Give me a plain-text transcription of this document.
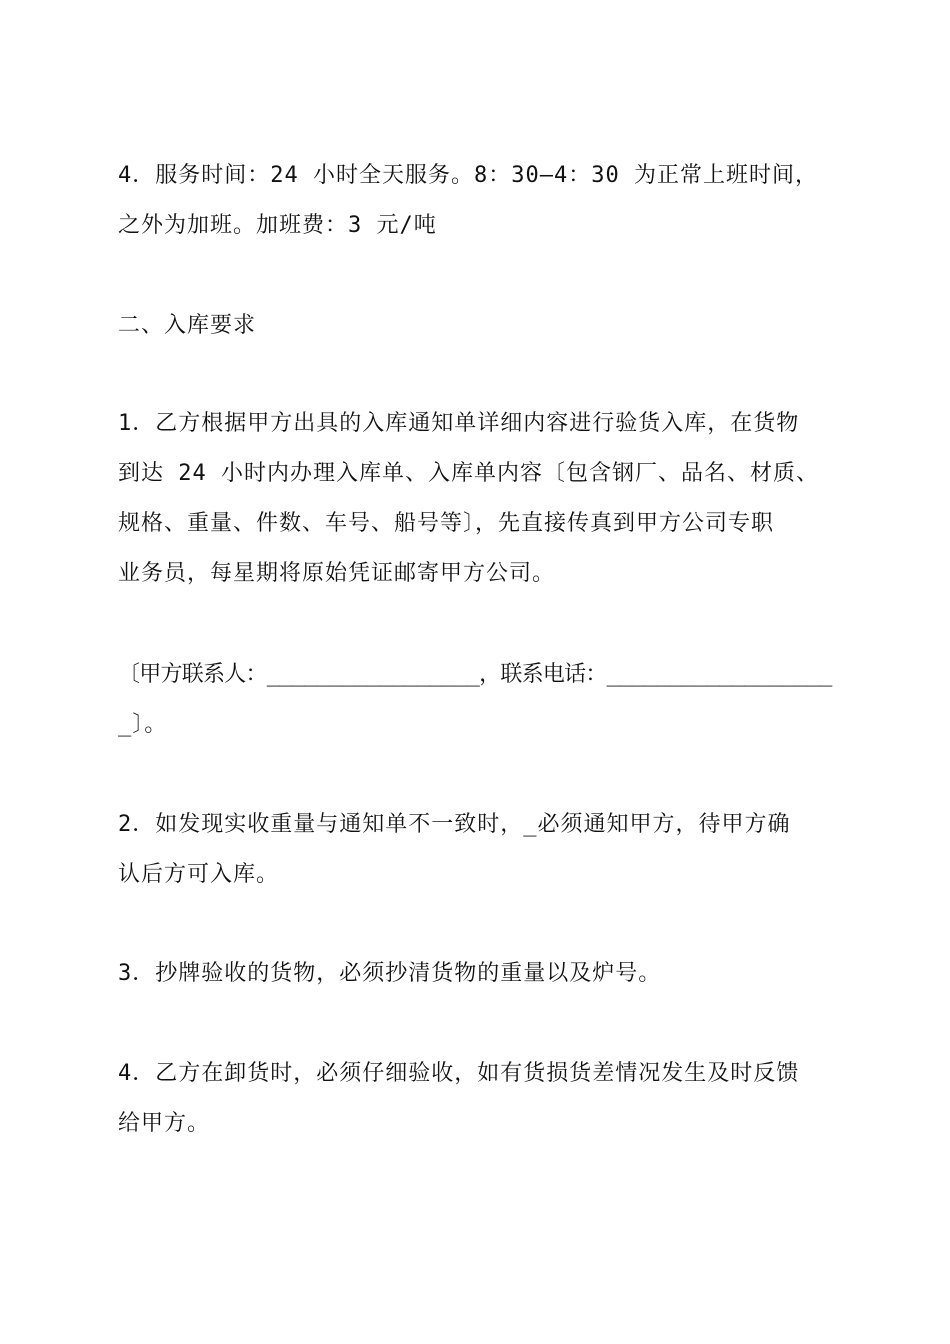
4．服务时间：24 小时全天服务。8：30—4：30 为正常上班时间，
之外为加班。加班费：3 元/吨
二、入库要求
1．乙方根据甲方出具的入库通知单详细内容进行验货入库，在货物
到达 24 小时内办理入库单、入库单内容〔包含钢厂、品名、材质、
规格、重量、件数、车号、船号等〕，先直接传真到甲方公司专职
业务员，每星期将原始凭证邮寄甲方公司。
〔甲方联系人：_________________，联系电话：__________________
_〕。
2．如发现实收重量与通知单不一致时，_必须通知甲方，待甲方确
认后方可入库。
3．抄牌验收的货物，必须抄清货物的重量以及炉号。
4．乙方在卸货时，必须仔细验收，如有货损货差情况发生及时反馈
给甲方。
